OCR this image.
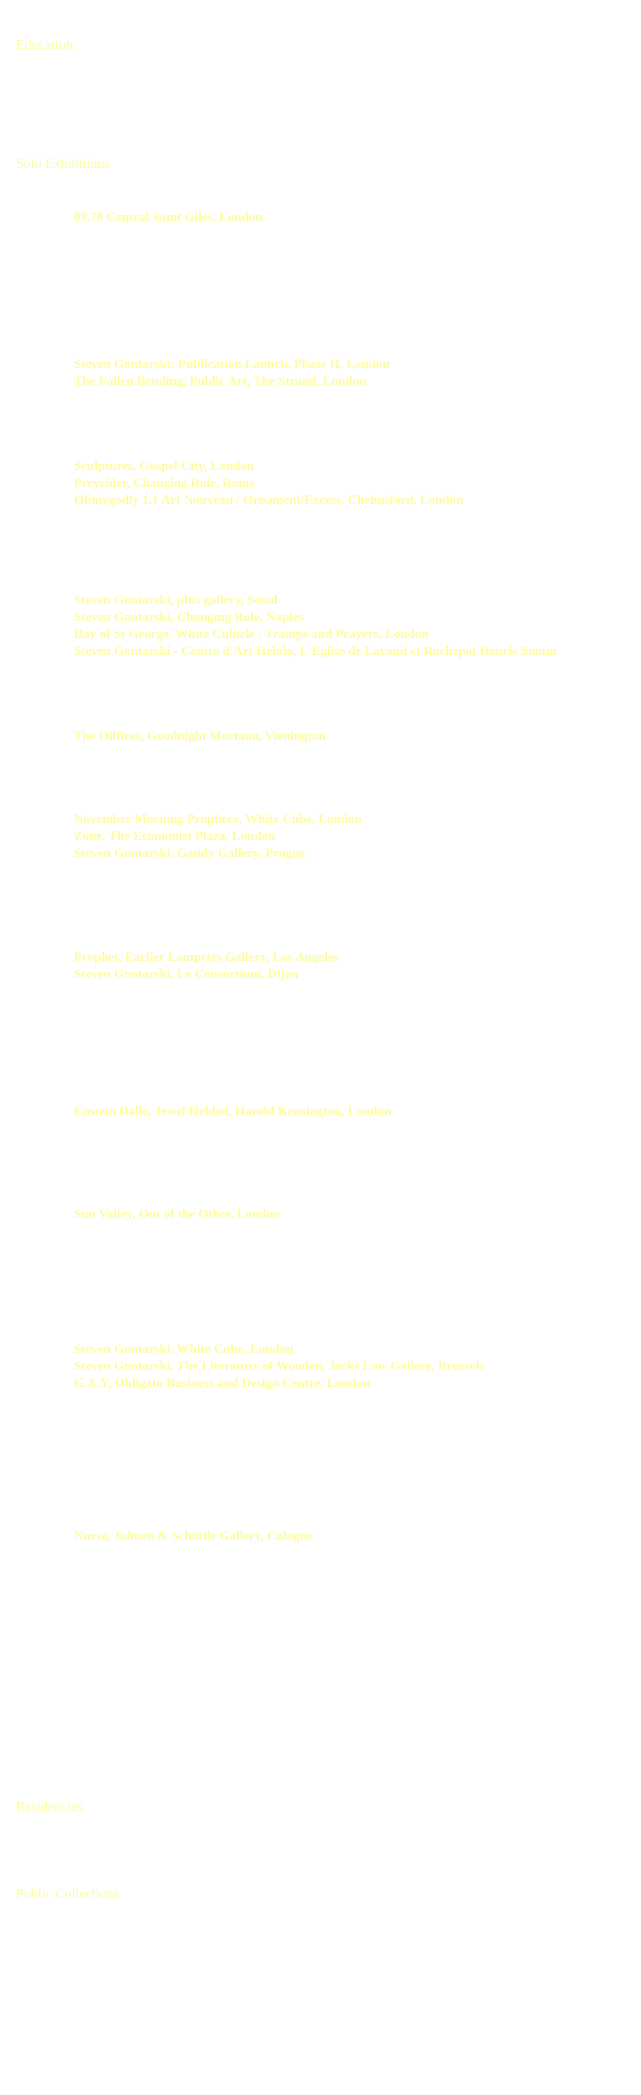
Education
Solo Exhibitions
09.78 Central Saint Giles, London
Steven Gontarski: Publication Launch, Phase II, London
The Fallen Bending, Public Art, The Strand, London
Sculptures, Gospel City, London
Preyrider, Changing Role, Rome
Ohmygodly 1.1 Art Nouveau / Ornament/Excess, Chelmsford, London
Steven Gontarski, plus gallery, Seoul
Steven Gontarski, Changing Role, Naples
Day of St George, White Cubicle / Tramps and Prayers, London
Steven Gontarski - Centre d'Art Hebdo, L'Eglise de Lavaud et Rochepot Heurle Somm
The Oilfires, Goodnight Mortana, Vienington
November Morning Prophecy, White Cube, London
Zone, The Economist Plaza, London
Steven Gontarski, Gandy Gallery, Prague
Prophet, Earlier Lamprets Gallery, Los Angeles
Steven Gontarski, Le Consortium, Dijon
Epstein Dalle, Jewel Hebbel, Harold Kensington, London
Sun Valley, Out of the Other, London
Steven Gontarski, White Cube, London
Steven Gontarski, The Literature of Wooden, Jacks Law Gallery, Brussels
G.X.Y, Obligato Business and Design Centre, London
Nurse, Johnen & Schöttle Gallery, Cologne
Residencies
Public Collections
